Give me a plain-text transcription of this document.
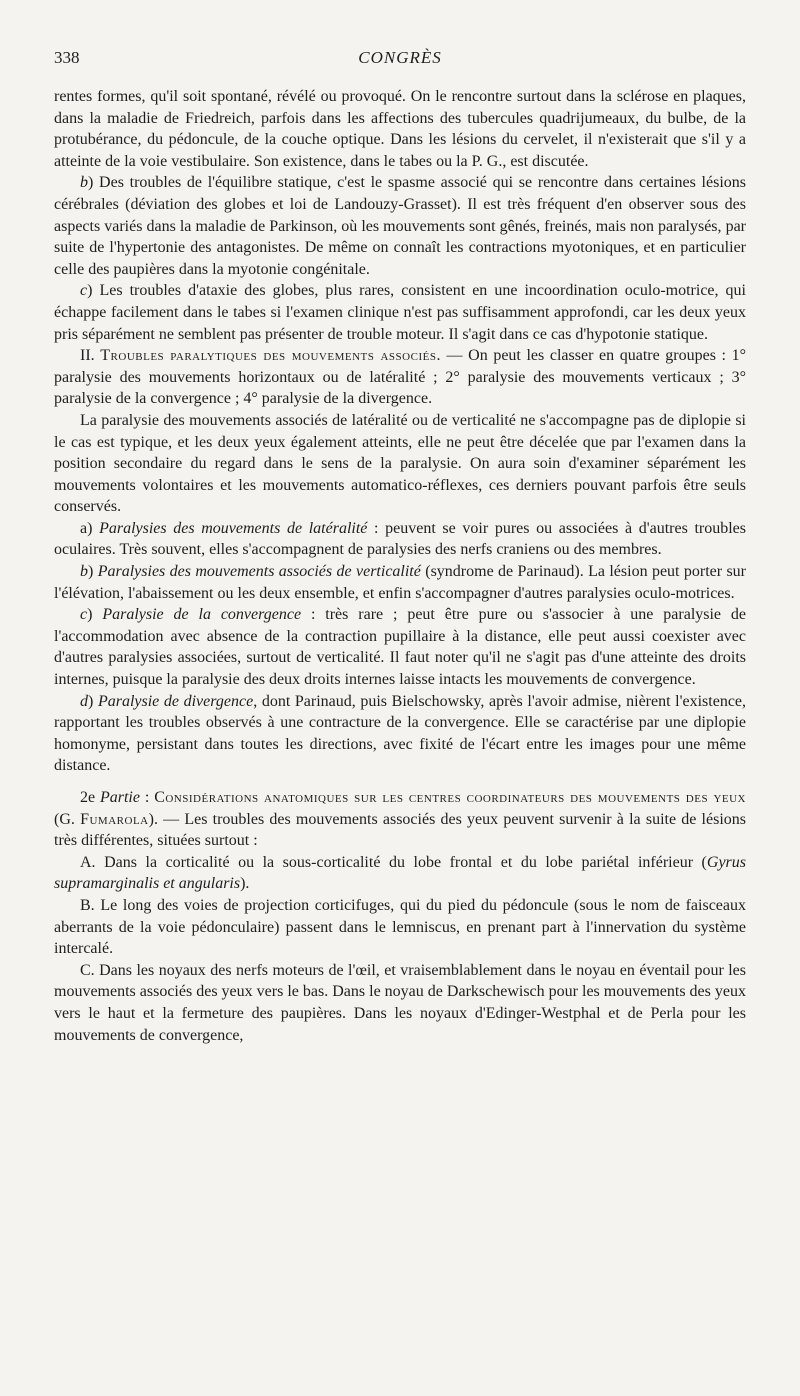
338	CONGRÈS

rentes formes, qu'il soit spontané, révélé ou provoqué. On le rencontre surtout dans la sclérose en plaques, dans la maladie de Friedreich, parfois dans les affections des tubercules quadrijumeaux, du bulbe, de la protubérance, du pédoncule, de la couche optique. Dans les lésions du cervelet, il n'existerait que s'il y a atteinte de la voie vestibulaire. Son existence, dans le tabes ou la P. G., est discutée.

b) Des troubles de l'équilibre statique, c'est le spasme associé qui se rencontre dans certaines lésions cérébrales (déviation des globes et loi de Landouzy-Grasset). Il est très fréquent d'en observer sous des aspects variés dans la maladie de Parkinson, où les mouvements sont gênés, freinés, mais non paralysés, par suite de l'hypertonie des antagonistes. De même on connaît les contractions myotoniques, et en particulier celle des paupières dans la myotonie congénitale.

c) Les troubles d'ataxie des globes, plus rares, consistent en une incoordination oculo-motrice, qui échappe facilement dans le tabes si l'examen clinique n'est pas suffisamment approfondi, car les deux yeux pris séparément ne semblent pas présenter de trouble moteur. Il s'agit dans ce cas d'hypotonie statique.

II. Troubles paralytiques des mouvements associés. — On peut les classer en quatre groupes : 1° paralysie des mouvements horizontaux ou de latéralité ; 2° paralysie des mouvements verticaux ; 3° paralysie de la convergence ; 4° paralysie de la divergence.

La paralysie des mouvements associés de latéralité ou de verticalité ne s'accompagne pas de diplopie si le cas est typique, et les deux yeux également atteints, elle ne peut être décelée que par l'examen dans la position secondaire du regard dans le sens de la paralysie. On aura soin d'examiner séparément les mouvements volontaires et les mouvements automatico-réflexes, ces derniers pouvant parfois être seuls conservés.

a) Paralysies des mouvements de latéralité : peuvent se voir pures ou associées à d'autres troubles oculaires. Très souvent, elles s'accompagnent de paralysies des nerfs craniens ou des membres.

b) Paralysies des mouvements associés de verticalité (syndrome de Parinaud). La lésion peut porter sur l'élévation, l'abaissement ou les deux ensemble, et enfin s'accompagner d'autres paralysies oculo-motrices.

c) Paralysie de la convergence : très rare ; peut être pure ou s'associer à une paralysie de l'accommodation avec absence de la contraction pupillaire à la distance, elle peut aussi coexister avec d'autres paralysies associées, surtout de verticalité. Il faut noter qu'il ne s'agit pas d'une atteinte des droits internes, puisque la paralysie des deux droits internes laisse intacts les mouvements de convergence.

d) Paralysie de divergence, dont Parinaud, puis Bielschowsky, après l'avoir admise, nièrent l'existence, rapportant les troubles observés à une contracture de la convergence. Elle se caractérise par une diplopie homonyme, persistant dans toutes les directions, avec fixité de l'écart entre les images pour une même distance.

2e Partie : Considérations anatomiques sur les centres coordinateurs des mouvements des yeux (G. Fumarola). — Les troubles des mouvements associés des yeux peuvent survenir à la suite de lésions très différentes, situées surtout :

A. Dans la corticalité ou la sous-corticalité du lobe frontal et du lobe pariétal inférieur (Gyrus supramarginalis et angularis).

B. Le long des voies de projection corticifuges, qui du pied du pédoncule (sous le nom de faisceaux aberrants de la voie pédonculaire) passent dans le lemniscus, en prenant part à l'innervation du système intercalé.

C. Dans les noyaux des nerfs moteurs de l'œil, et vraisemblablement dans le noyau en éventail pour les mouvements associés des yeux vers le bas. Dans le noyau de Darkschewisch pour les mouvements des yeux vers le haut et la fermeture des paupières. Dans les noyaux d'Edinger-Westphal et de Perla pour les mouvements de convergence,
